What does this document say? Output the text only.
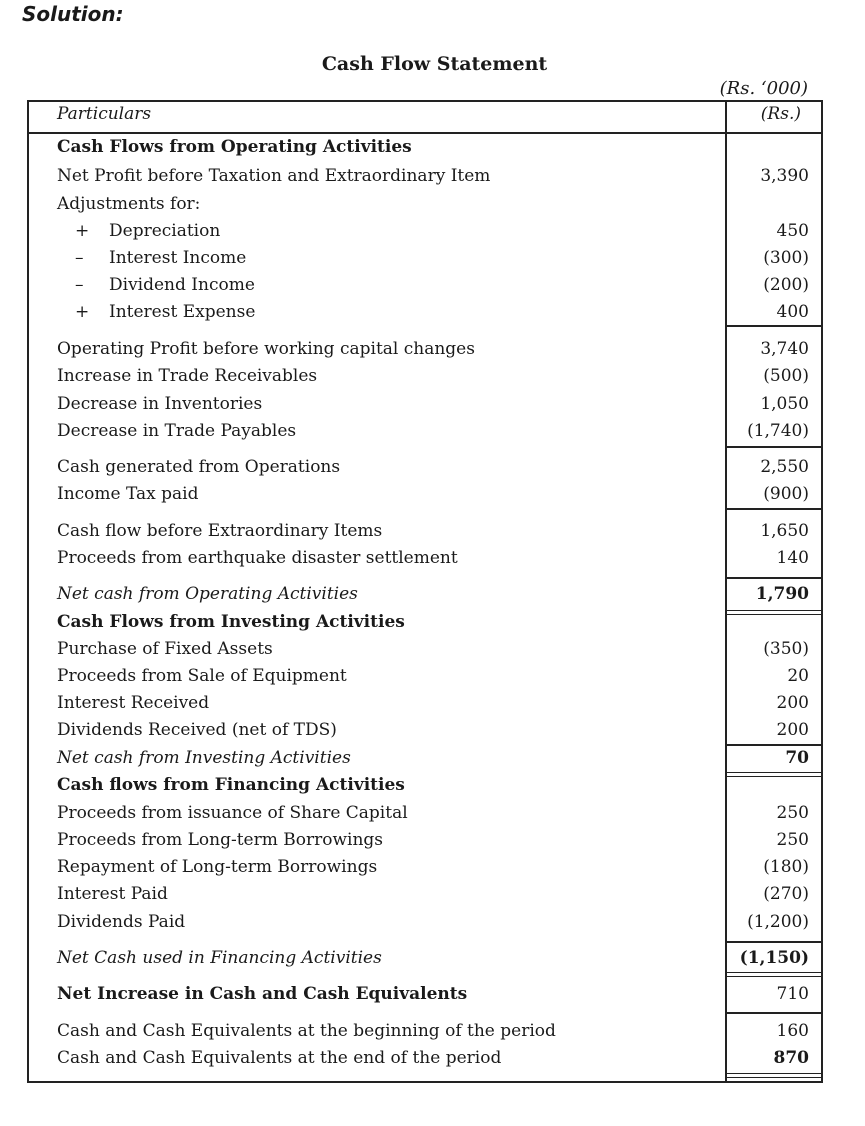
Solution:
Cash Flow Statement
(Rs. ‘000)
Particulars	(Rs.)
Cash Flows from Operating Activities
Net Profit before Taxation and Extraordinary Item	3,390
Adjustments for:
+ Depreciation	450
– Interest Income	(300)
– Dividend Income	(200)
+ Interest Expense	400
Operating Profit before working capital changes	3,740
Increase in Trade Receivables	(500)
Decrease in Inventories	1,050
Decrease in Trade Payables	(1,740)
Cash generated from Operations	2,550
Income Tax paid	(900)
Cash flow before Extraordinary Items	1,650
Proceeds from earthquake disaster settlement	140
Net cash from Operating Activities	1,790
Cash Flows from Investing Activities
Purchase of Fixed Assets	(350)
Proceeds from Sale of Equipment	20
Interest Received	200
Dividends Received (net of TDS)	200
Net cash from Investing Activities	70
Cash flows from Financing Activities
Proceeds from issuance of Share Capital	250
Proceeds from Long-term Borrowings	250
Repayment of Long-term Borrowings	(180)
Interest Paid	(270)
Dividends Paid	(1,200)
Net Cash used in Financing Activities	(1,150)
Net Increase in Cash and Cash Equivalents	710
Cash and Cash Equivalents at the beginning of the period	160
Cash and Cash Equivalents at the end of the period	870
